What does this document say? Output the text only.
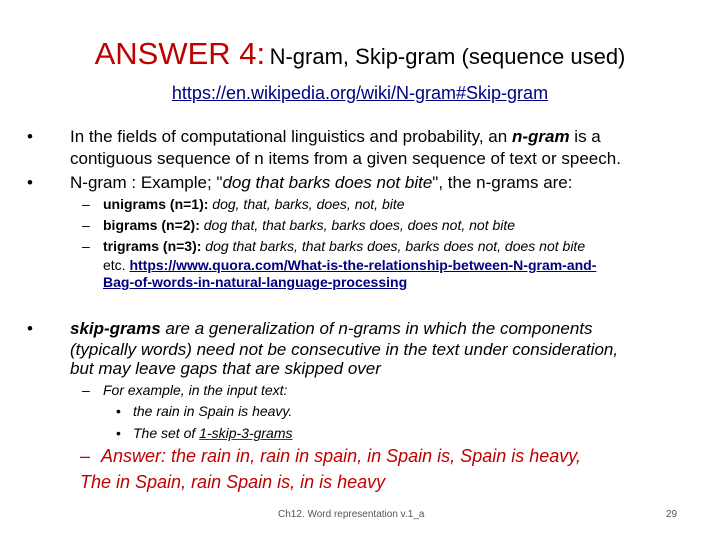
ANSWER 4: N-gram, Skip-gram (sequence used)
https://en.wikipedia.org/wiki/N-gram#Skip-gram
• In the fields of computational linguistics and probability, an n-gram is a
contiguous sequence of n items from a given sequence of text or speech.
• N-gram : Example; "dog that barks does not bite", the n-grams are:
– unigrams (n=1): dog, that, barks, does, not, bite
– bigrams (n=2): dog that, that barks, barks does, does not, not bite
– trigrams (n=3): dog that barks, that barks does, barks does not, does not bite
etc. https://www.quora.com/What-is-the-relationship-between-N-gram-and-
Bag-of-words-in-natural-language-processing
• skip-grams are a generalization of n-grams in which the components
(typically words) need not be consecutive in the text under consideration,
but may leave gaps that are skipped over
– For example, in the input text:
• the rain in Spain is heavy.
• The set of 1-skip-3-grams
– Answer: the rain in, rain in spain, in Spain is, Spain is heavy,
The in Spain, rain Spain is, in is heavy
Ch12. Word representation v.1_a	29
